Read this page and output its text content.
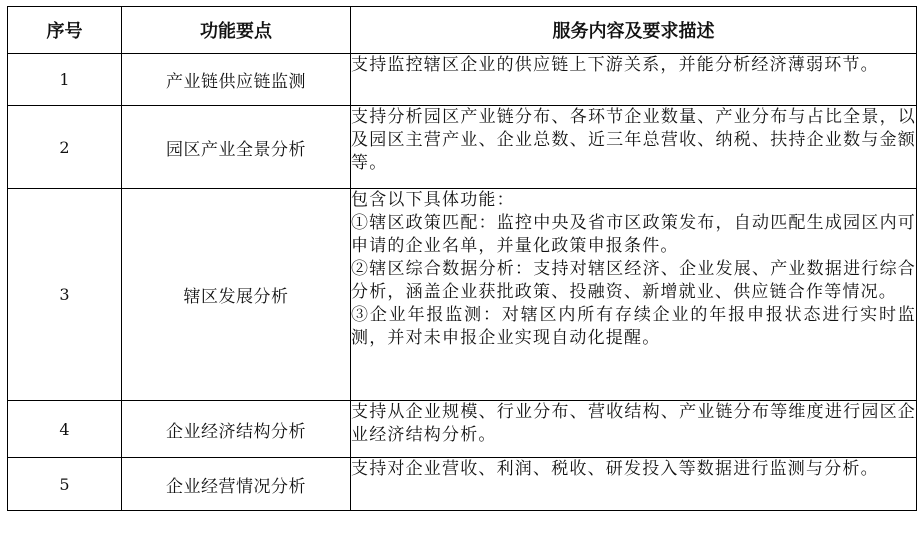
序号	功能要点	服务内容及要求描述
1	产业链供应链监测	支持监控辖区企业的供应链上下游关系，并能分析经济薄弱环节。

2	园区产业全景分析	支持分析园区产业链分布、各环节企业数量、产业分布与占比全景，以及园区主营产业、企业总数、近三年总营收、纳税、扶持企业数与金额等。

3	辖区发展分析	包含以下具体功能：
①辖区政策匹配：监控中央及省市区政策发布，自动匹配生成园区内可申请的企业名单，并量化政策申报条件。
②辖区综合数据分析：支持对辖区经济、企业发展、产业数据进行综合分析，涵盖企业获批政策、投融资、新增就业、供应链合作等情况。
③企业年报监测：对辖区内所有存续企业的年报申报状态进行实时监测，并对未申报企业实现自动化提醒。

4	企业经济结构分析	支持从企业规模、行业分布、营收结构、产业链分布等维度进行园区企业经济结构分析。

5	企业经营情况分析	支持对企业营收、利润、税收、研发投入等数据进行监测与分析。
